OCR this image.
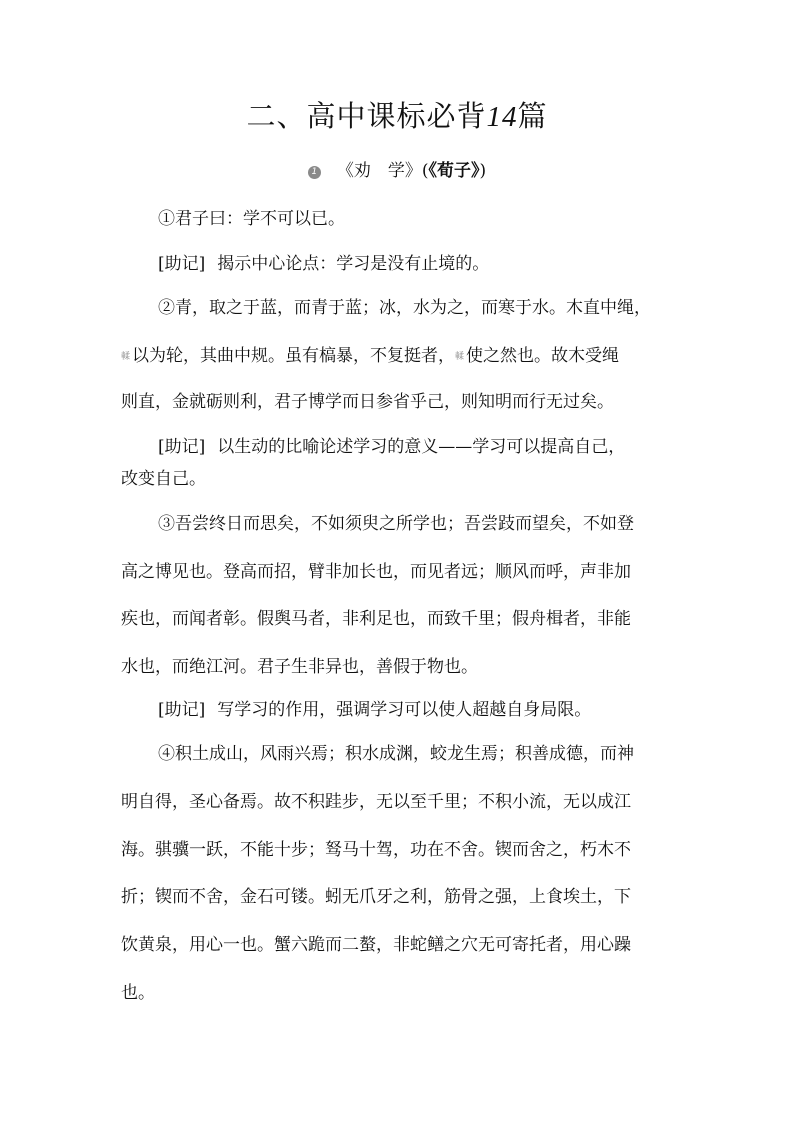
二、高中课标必背14篇
1 《劝　学》(《荀子》)
①君子曰：学不可以已。
[助记] 揭示中心论点：学习是没有止境的。
②青，取之于蓝，而青于蓝；冰，水为之，而寒于水。木直中绳，
輮 以为轮，其曲中规。虽有槁暴，不复挺者，輮 使之然也。故木受绳
则直，金就砺则利，君子博学而日参省乎己，则知明而行无过矣。
[助记] 以生动的比喻论述学习的意义——学习可以提高自己，
改变自己。
③吾尝终日而思矣，不如须臾之所学也；吾尝跂而望矣，不如登
高之博见也。登高而招，臂非加长也，而见者远；顺风而呼，声非加
疾也，而闻者彰。假舆马者，非利足也，而致千里；假舟楫者，非能
水也，而绝江河。君子生非异也，善假于物也。
[助记] 写学习的作用，强调学习可以使人超越自身局限。
④积土成山，风雨兴焉；积水成渊，蛟龙生焉；积善成德，而神
明自得，圣心备焉。故不积跬步，无以至千里；不积小流，无以成江
海。骐骥一跃，不能十步；驽马十驾，功在不舍。锲而舍之，朽木不
折；锲而不舍，金石可镂。蚓无爪牙之利，筋骨之强，上食埃土，下
饮黄泉，用心一也。蟹六跪而二螯，非蛇鳝之穴无可寄托者，用心躁
也。
